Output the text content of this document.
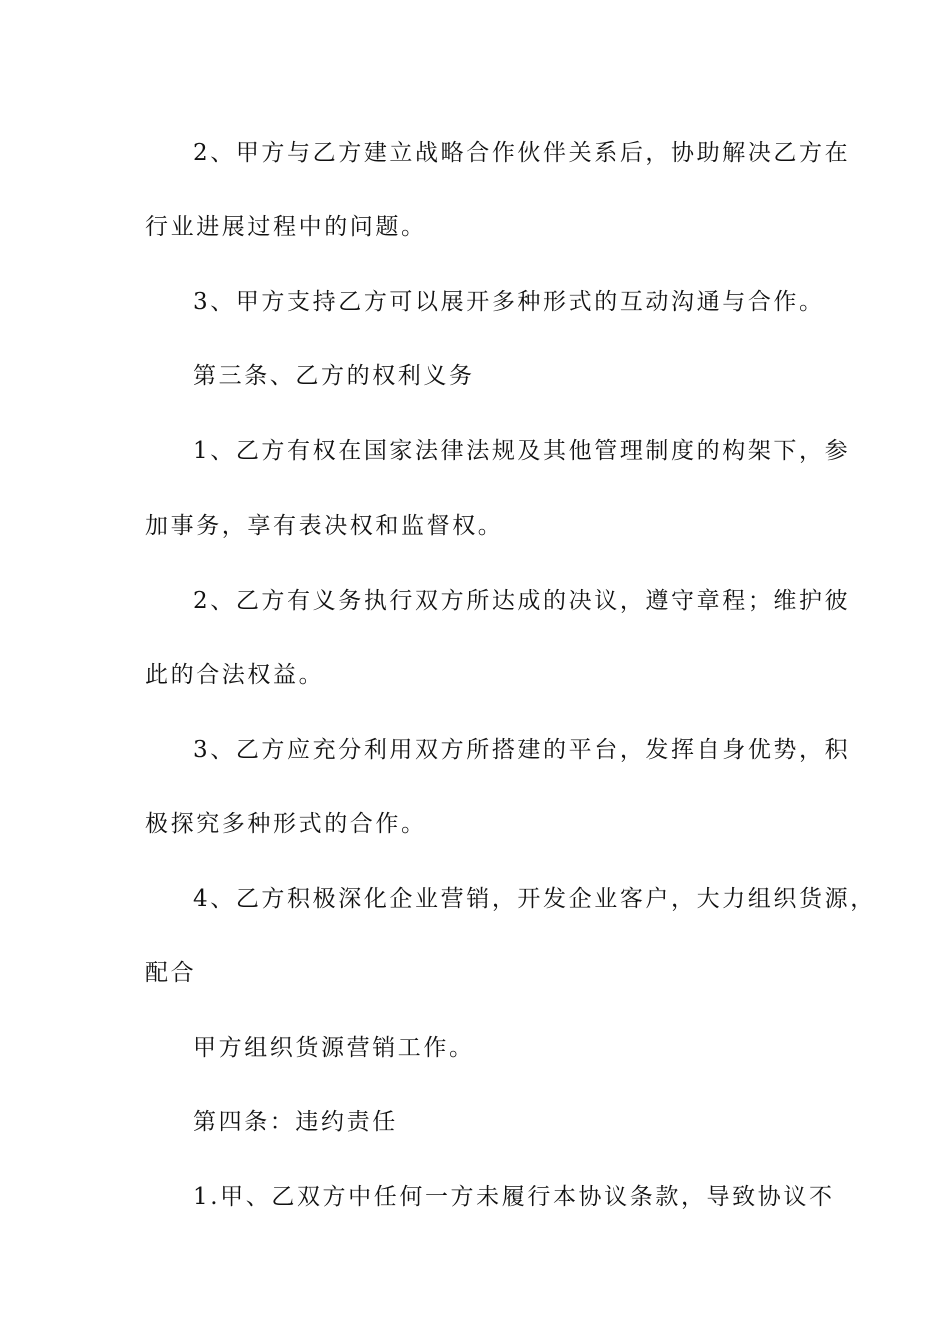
2、甲方与乙方建立战略合作伙伴关系后，协助解决乙方在
行业进展过程中的问题。
3、甲方支持乙方可以展开多种形式的互动沟通与合作。
第三条、乙方的权利义务
1、乙方有权在国家法律法规及其他管理制度的构架下，参
加事务，享有表决权和监督权。
2、乙方有义务执行双方所达成的决议，遵守章程；维护彼
此的合法权益。
3、乙方应充分利用双方所搭建的平台，发挥自身优势，积
极探究多种形式的合作。
4、乙方积极深化企业营销，开发企业客户，大力组织货源，
配合
甲方组织货源营销工作。
第四条：违约责任
1.甲、乙双方中任何一方未履行本协议条款，导致协议不
